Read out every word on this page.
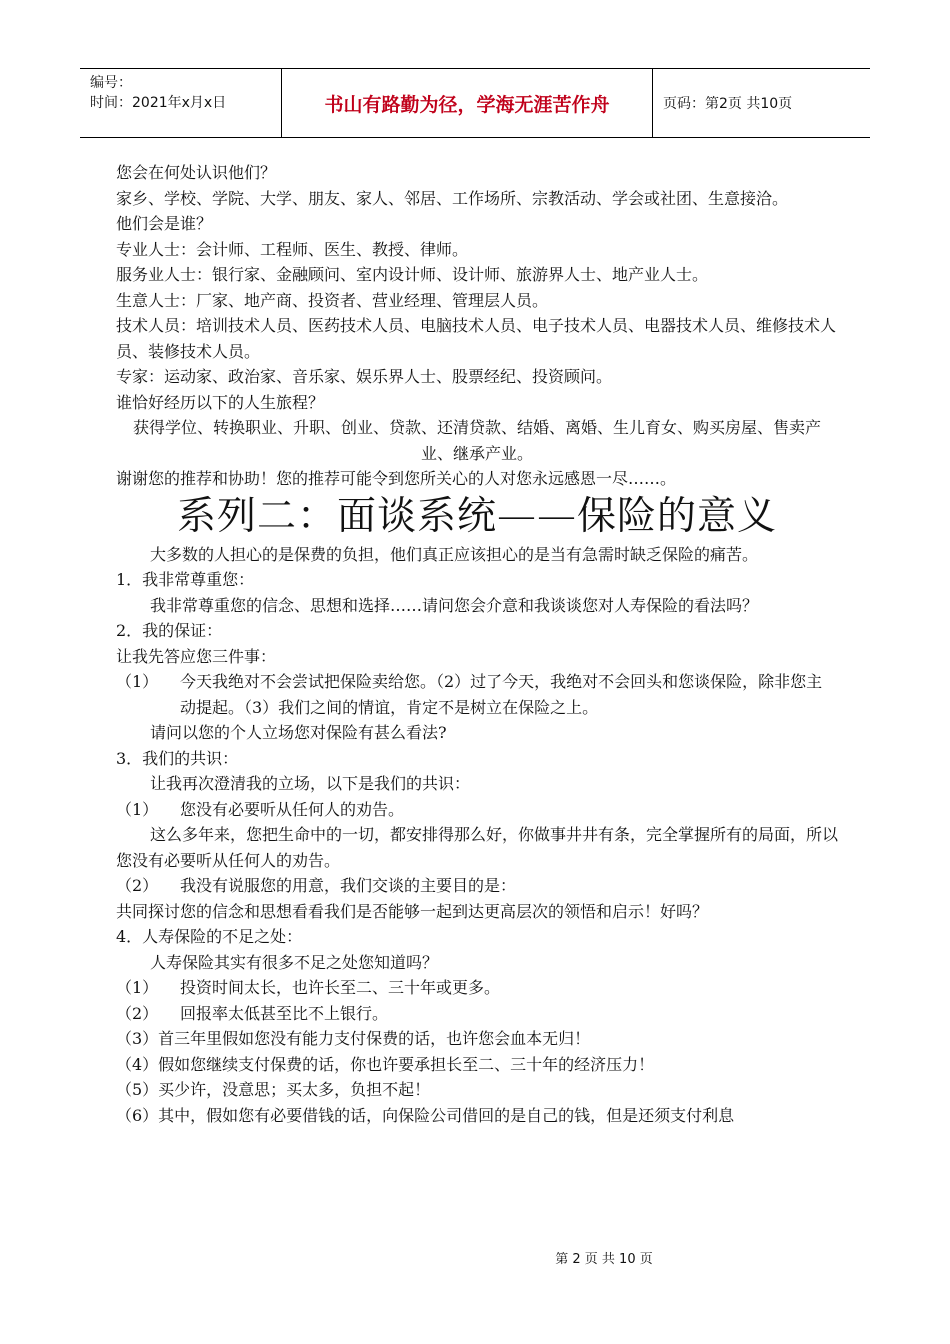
编号：
时间：2021年x月x日	书山有路勤为径，学海无涯苦作舟	页码：第2页 共10页

您会在何处认识他们？

家乡、学校、学院、大学、朋友、家人、邻居、工作场所、宗教活动、学会或社团、生意接洽。

他们会是谁？

专业人士：会计师、工程师、医生、教授、律师。

服务业人士：银行家、金融顾问、室内设计师、设计师、旅游界人士、地产业人士。

生意人士：厂家、地产商、投资者、营业经理、管理层人员。

技术人员：培训技术人员、医药技术人员、电脑技术人员、电子技术人员、电器技术人员、维修技术人员、装修技术人员。

专家：运动家、政治家、音乐家、娱乐界人士、股票经纪、投资顾问。

谁恰好经历以下的人生旅程？

获得学位、转换职业、升职、创业、贷款、还清贷款、结婚、离婚、生儿育女、购买房屋、售卖产业、继承产业。

谢谢您的推荐和协助！您的推荐可能令到您所关心的人对您永远感恩一尽……。

系列二：面谈系统——保险的意义

大多数的人担心的是保费的负担，他们真正应该担心的是当有急需时缺乏保险的痛苦。

1．我非常尊重您：

我非常尊重您的信念、思想和选择……请问您会介意和我谈谈您对人寿保险的看法吗？

2．我的保证：

让我先答应您三件事：

（1）	今天我绝对不会尝试把保险卖给您。（2）过了今天，我绝对不会回头和您谈保险，除非您主动提起。（3）我们之间的情谊，肯定不是树立在保险之上。

请问以您的个人立场您对保险有甚么看法?

3．我们的共识：

让我再次澄清我的立场，以下是我们的共识：

（1）	您没有必要听从任何人的劝告。

这么多年来，您把生命中的一切，都安排得那么好，你做事井井有条，完全掌握所有的局面，所以您没有必要听从任何人的劝告。

（2）	我没有说服您的用意，我们交谈的主要目的是：

共同探讨您的信念和思想看看我们是否能够一起到达更高层次的领悟和启示！好吗？

4．人寿保险的不足之处：

人寿保险其实有很多不足之处您知道吗？

（1）	投资时间太长，也许长至二、三十年或更多。
（2）	回报率太低甚至比不上银行。

（3）首三年里假如您没有能力支付保费的话，也许您会血本无归！

（4）假如您继续支付保费的话，你也许要承担长至二、三十年的经济压力！

（5）买少许，没意思；买太多，负担不起！

（6）其中，假如您有必要借钱的话，向保险公司借回的是自己的钱，但是还须支付利息

第 2 页 共 10 页
